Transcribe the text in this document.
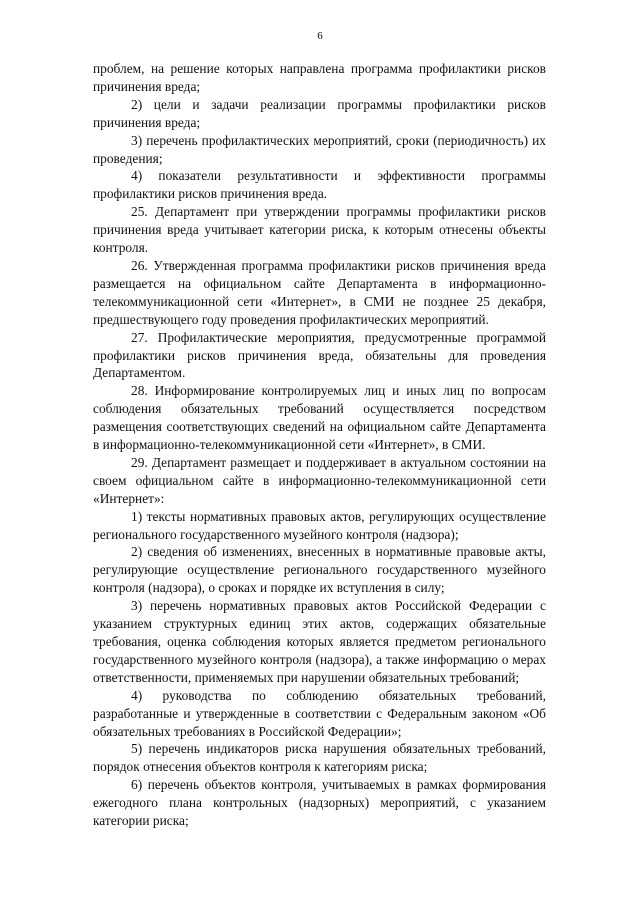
6

проблем, на решение которых направлена программа профилактики рисков причинения вреда;

2) цели и задачи реализации программы профилактики рисков причинения вреда;

3) перечень профилактических мероприятий, сроки (периодичность) их проведения;

4) показатели результативности и эффективности программы профилактики рисков причинения вреда.

25. Департамент при утверждении программы профилактики рисков причинения вреда учитывает категории риска, к которым отнесены объекты контроля.

26. Утвержденная программа профилактики рисков причинения вреда размещается на официальном сайте Департамента в информационно-телекоммуникационной сети «Интернет», в СМИ не позднее 25 декабря, предшествующего году проведения профилактических мероприятий.

27. Профилактические мероприятия, предусмотренные программой профилактики рисков причинения вреда, обязательны для проведения Департаментом.

28. Информирование контролируемых лиц и иных лиц по вопросам соблюдения обязательных требований осуществляется посредством размещения соответствующих сведений на официальном сайте Департамента в информационно-телекоммуникационной сети «Интернет», в СМИ.

29. Департамент размещает и поддерживает в актуальном состоянии на своем официальном сайте в информационно-телекоммуникационной сети «Интернет»:

1) тексты нормативных правовых актов, регулирующих осуществление регионального государственного музейного контроля (надзора);

2) сведения об изменениях, внесенных в нормативные правовые акты, регулирующие осуществление регионального государственного музейного контроля (надзора), о сроках и порядке их вступления в силу;

3) перечень нормативных правовых актов Российской Федерации с указанием структурных единиц этих актов, содержащих обязательные требования, оценка соблюдения которых является предметом регионального государственного музейного контроля (надзора), а также информацию о мерах ответственности, применяемых при нарушении обязательных требований;

4) руководства по соблюдению обязательных требований, разработанные и утвержденные в соответствии с Федеральным законом «Об обязательных требованиях в Российской Федерации»;

5) перечень индикаторов риска нарушения обязательных требований, порядок отнесения объектов контроля к категориям риска;

6) перечень объектов контроля, учитываемых в рамках формирования ежегодного плана контрольных (надзорных) мероприятий, с указанием категории риска;
